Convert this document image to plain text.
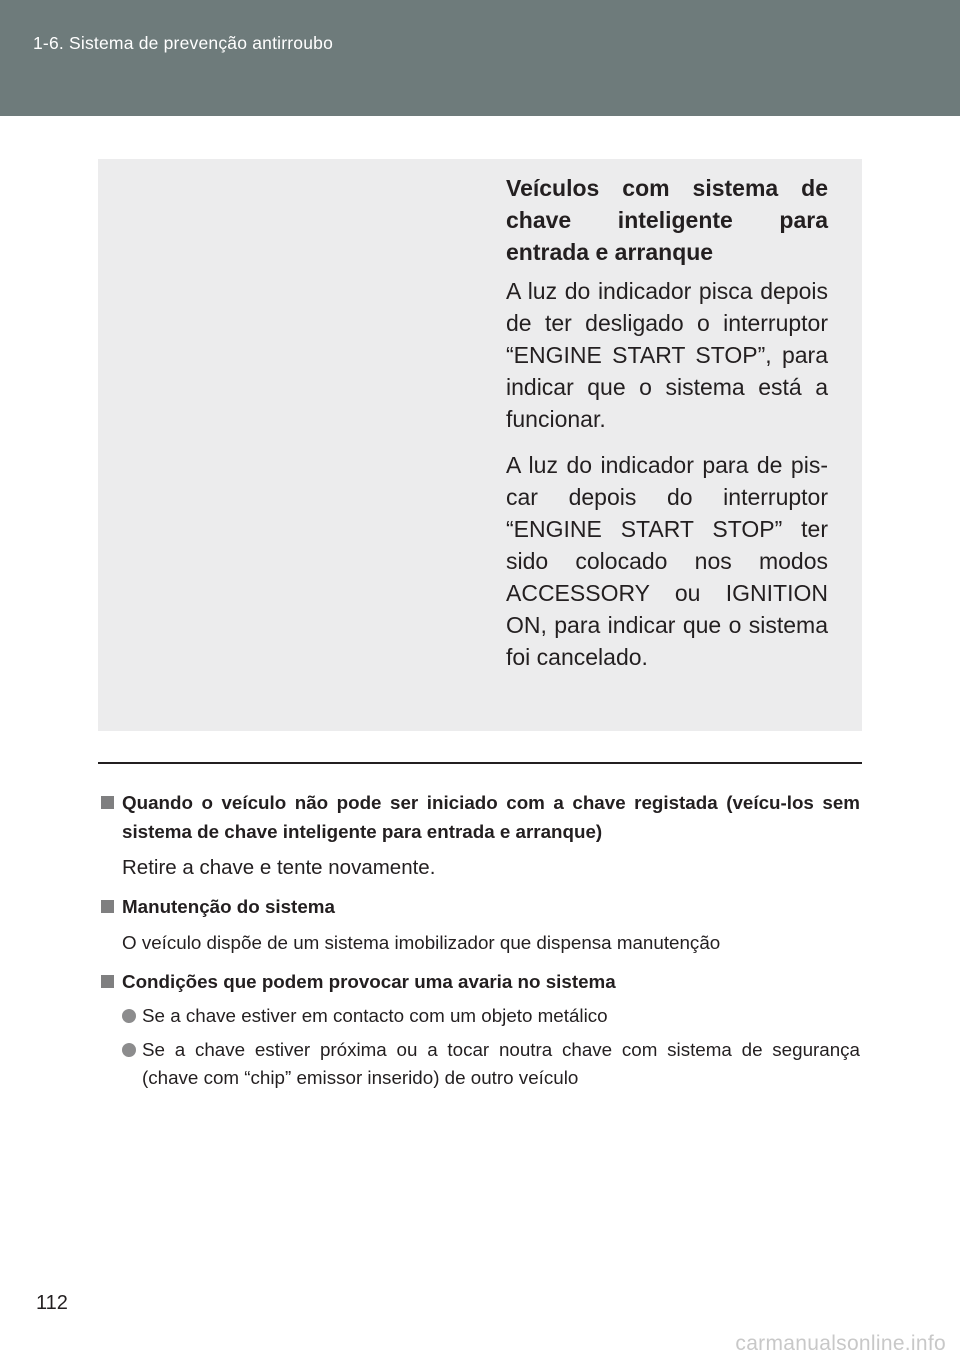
1-6. Sistema de prevenção antirroubo

Veículos com sistema de chave inteligente para entrada e arranque

A luz do indicador pisca depois de ter desligado o interruptor “ENGINE START STOP”, para indicar que o sistema está a funcionar.

A luz do indicador para de pis-car depois do interruptor “ENGINE START STOP” ter sido colocado nos modos ACCESSORY ou IGNITION ON, para indicar que o sistema foi cancelado.

Quando o veículo não pode ser iniciado com a chave registada (veícu-los sem sistema de chave inteligente para entrada e arranque)
Retire a chave e tente novamente.
Manutenção do sistema
O veículo dispõe de um sistema imobilizador que dispensa manutenção
Condições que podem provocar uma avaria no sistema
Se a chave estiver em contacto com um objeto metálico
Se a chave estiver próxima ou a tocar noutra chave com sistema de segurança (chave com “chip” emissor inserido) de outro veículo
112
carmanualsonline.info
